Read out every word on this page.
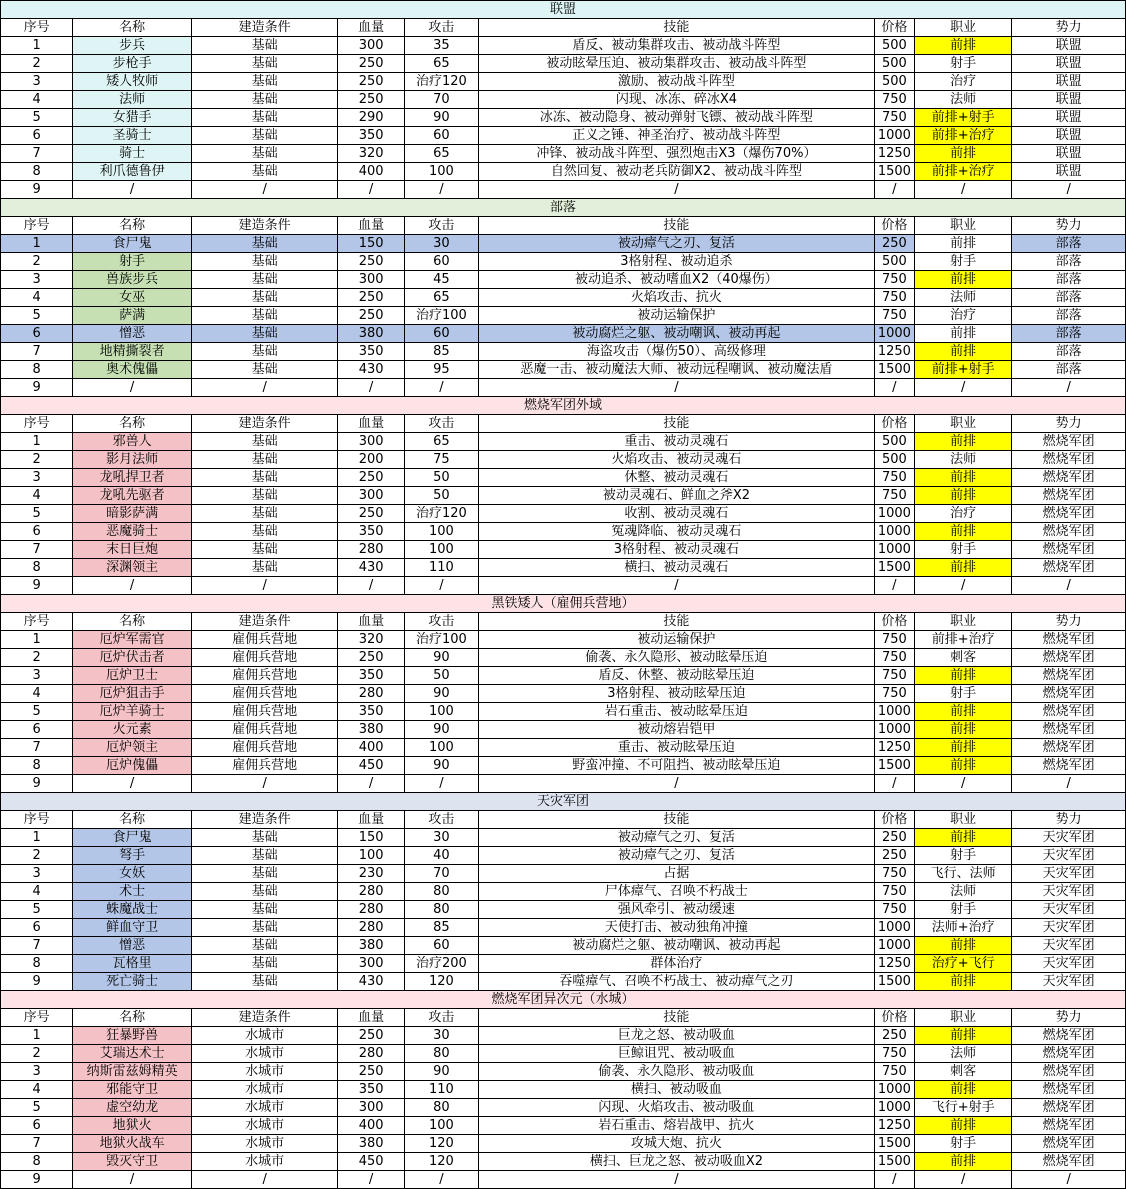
联盟								
序号	名称	建造条件	血量	攻击	技能	价格	职业	势力
1	步兵	基础	300	35	盾反、被动集群攻击、被动战斗阵型	500	前排	联盟
2	步枪手	基础	250	65	被动眩晕压迫、被动集群攻击、被动战斗阵型	500	射手	联盟
3	矮人牧师	基础	250	治疗120	激励、被动战斗阵型	500	治疗	联盟
4	法师	基础	250	70	闪现、冰冻、碎冰X4	750	法师	联盟
5	女猎手	基础	290	90	冰冻、被动隐身、被动弹射飞镖、被动战斗阵型	750	前排+射手	联盟
6	圣骑士	基础	350	60	正义之锤、神圣治疗、被动战斗阵型	1000	前排+治疗	联盟
7	骑士	基础	320	65	冲锋、被动战斗阵型、强烈炮击X3（爆伤70%）	1250	前排	联盟
8	利爪德鲁伊	基础	400	100	自然回复、被动老兵防御X2、被动战斗阵型	1500	前排+治疗	联盟
9	/	/	/	/	/	/	/	/
部落								
序号	名称	建造条件	血量	攻击	技能	价格	职业	势力
1	食尸鬼	基础	150	30	被动瘴气之刃、复活	250	前排	部落
2	射手	基础	250	60	3格射程、被动追杀	500	射手	部落
3	兽族步兵	基础	300	45	被动追杀、被动嗜血X2（40爆伤）	750	前排	部落
4	女巫	基础	250	65	火焰攻击、抗火	750	法师	部落
5	萨满	基础	250	治疗100	被动运输保护	750	治疗	部落
6	憎恶	基础	380	60	被动腐烂之躯、被动嘲讽、被动再起	1000	前排	部落
7	地精撕裂者	基础	350	85	海盗攻击（爆伤50）、高级修理	1250	前排	部落
8	奥术傀儡	基础	430	95	恶魔一击、被动魔法大师、被动远程嘲讽、被动魔法盾	1500	前排+射手	部落
9	/	/	/	/	/	/	/	/
燃烧军团外域								
序号	名称	建造条件	血量	攻击	技能	价格	职业	势力
1	邪兽人	基础	300	65	重击、被动灵魂石	500	前排	燃烧军团
2	影月法师	基础	200	75	火焰攻击、被动灵魂石	500	法师	燃烧军团
3	龙吼捍卫者	基础	250	50	休整、被动灵魂石	750	前排	燃烧军团
4	龙吼先驱者	基础	300	50	被动灵魂石、鲜血之斧X2	750	前排	燃烧军团
5	暗影萨满	基础	250	治疗120	收割、被动灵魂石	1000	治疗	燃烧军团
6	恶魔骑士	基础	350	100	冤魂降临、被动灵魂石	1000	前排	燃烧军团
7	末日巨炮	基础	280	100	3格射程、被动灵魂石	1000	射手	燃烧军团
8	深渊领主	基础	430	110	横扫、被动灵魂石	1500	前排	燃烧军团
9	/	/	/	/	/	/	/	/
黑铁矮人（雇佣兵营地）								
序号	名称	建造条件	血量	攻击	技能	价格	职业	势力
1	厄炉军需官	雇佣兵营地	320	治疗100	被动运输保护	750	前排+治疗	燃烧军团
2	厄炉伏击者	雇佣兵营地	250	90	偷袭、永久隐形、被动眩晕压迫	750	刺客	燃烧军团
3	厄炉卫士	雇佣兵营地	350	50	盾反、休整、被动眩晕压迫	750	前排	燃烧军团
4	厄炉狙击手	雇佣兵营地	280	90	3格射程、被动眩晕压迫	750	射手	燃烧军团
5	厄炉羊骑士	雇佣兵营地	350	100	岩石重击、被动眩晕压迫	1000	前排	燃烧军团
6	火元素	雇佣兵营地	380	90	被动熔岩铠甲	1000	前排	燃烧军团
7	厄炉领主	雇佣兵营地	400	100	重击、被动眩晕压迫	1250	前排	燃烧军团
8	厄炉傀儡	雇佣兵营地	450	90	野蛮冲撞、不可阻挡、被动眩晕压迫	1500	前排	燃烧军团
9	/	/	/	/	/	/	/	/
天灾军团								
序号	名称	建造条件	血量	攻击	技能	价格	职业	势力
1	食尸鬼	基础	150	30	被动瘴气之刃、复活	250	前排	天灾军团
2	弩手	基础	100	40	被动瘴气之刃、复活	250	射手	天灾军团
3	女妖	基础	230	70	占据	750	飞行、法师	天灾军团
4	术士	基础	280	80	尸体瘴气、召唤不朽战士	750	法师	天灾军团
5	蛛魔战士	基础	280	80	强风牵引、被动缓速	750	射手	天灾军团
6	鲜血守卫	基础	280	85	天使打击、被动独角冲撞	1000	法师+治疗	天灾军团
7	憎恶	基础	380	60	被动腐烂之躯、被动嘲讽、被动再起	1000	前排	天灾军团
8	瓦格里	基础	300	治疗200	群体治疗	1250	治疗+飞行	天灾军团
9	死亡骑士	基础	430	120	吞噬瘴气、召唤不朽战士、被动瘴气之刃	1500	前排	天灾军团
燃烧军团异次元（水城）								
序号	名称	建造条件	血量	攻击	技能	价格	职业	势力
1	狂暴野兽	水城市	250	30	巨龙之怒、被动吸血	250	前排	燃烧军团
2	艾瑞达术士	水城市	280	80	巨鲸诅咒、被动吸血	750	法师	燃烧军团
3	纳斯雷兹姆精英	水城市	250	90	偷袭、永久隐形、被动吸血	750	刺客	燃烧军团
4	邪能守卫	水城市	350	110	横扫、被动吸血	1000	前排	燃烧军团
5	虚空幼龙	水城市	300	80	闪现、火焰攻击、被动吸血	1000	飞行+射手	燃烧军团
6	地狱火	水城市	400	100	岩石重击、熔岩战甲、抗火	1250	前排	燃烧军团
7	地狱火战车	水城市	380	120	攻城大炮、抗火	1500	射手	燃烧军团
8	毁灭守卫	水城市	450	120	横扫、巨龙之怒、被动吸血X2	1500	前排	燃烧军团
9	/	/	/	/	/	/	/	/
